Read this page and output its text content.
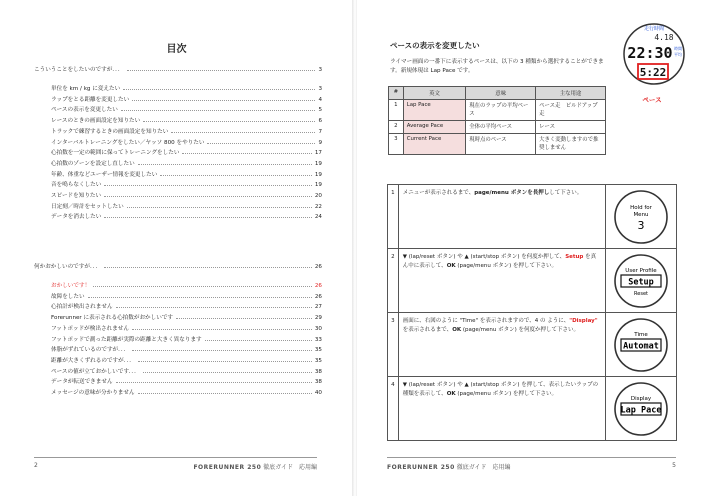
目次
こういうことをしたいのですが．．．	3
単位を km / kg に変えたい	3
ラップをとる距離を変更したい	4
ペースの表示を変更したい	5
レースのときの画面設定を知りたい	6
トラックで練習するときの画面設定を知りたい	7
インターバルトレーニングをしたい／ヤッソ 800 をやりたい	9
心拍数を一定の範囲に保ってトレーニングをしたい	17
心拍数のゾーンを設定し直したい	19
年齢、体重などユーザー情報を変更したい	19
音を鳴らなくしたい	19
スピードを知りたい	20
日定刻／時計をセットしたい	22
データを消去したい	24
何かおかしいのですが．．．	26
おかしいです！	26
故障をしたい	26
心拍計が検出されません	27
Forerunner に表示される心拍数がおかしいです	29
フットポッドが検出されません	30
フットポッドで測った距離が実際の距離と大きく異なります	33
体脂がずれているのですが．．．	35
距離が大きくずれるのですが．．．	35
ペースの値が立ておかしいです．．．	38
データが転送できません	38
メッセージの意味が分かりません	40
2	FORERUNNER 250 徹底ガイド　応用編
ペースの表示を変更したい
ライマー画面の一番下に表示するペースは、以下の 3 種類から選択することができます。新規体現は Lap Pace です。
#	英文	意味	主な用途
1	Lap Pace	現在のラップの平均ペース	ペース走　ビルドアップ走
2	Average Pace	全体の平均ペース	レース
3	Current Pace	現時点のペース	大きく変動しますので推奨しません
走行時間
4.18
22:30 時間
平均
5:22
ペース
1	メニューが表示されるまで、page/menu ボタンを長押しして下さい。	Hold for
Menu
3

2	▼ (lap/reset ボタン) や ▲ (start/stop ボタン) を何度か押して、Setup を真ん中に表示して、OK (page/menu ボタン) を押して下さい。	User Profile
Setup
Reset

3	画面に、右図のように "Time" を表示されますので、4 の ように、"Display" を表示されるまで、OK (page/menu ボタン) を何度か押して下さい。	Time
Automat

4	▼ (lap/reset ボタン) や ▲ (start/stop ボタン) を押して、表示したいラップの種類を表示して、OK (page/menu ボタン) を押して下さい。	Display
Lap Pace
FORERUNNER 250 徹底ガイド　応用編	5
